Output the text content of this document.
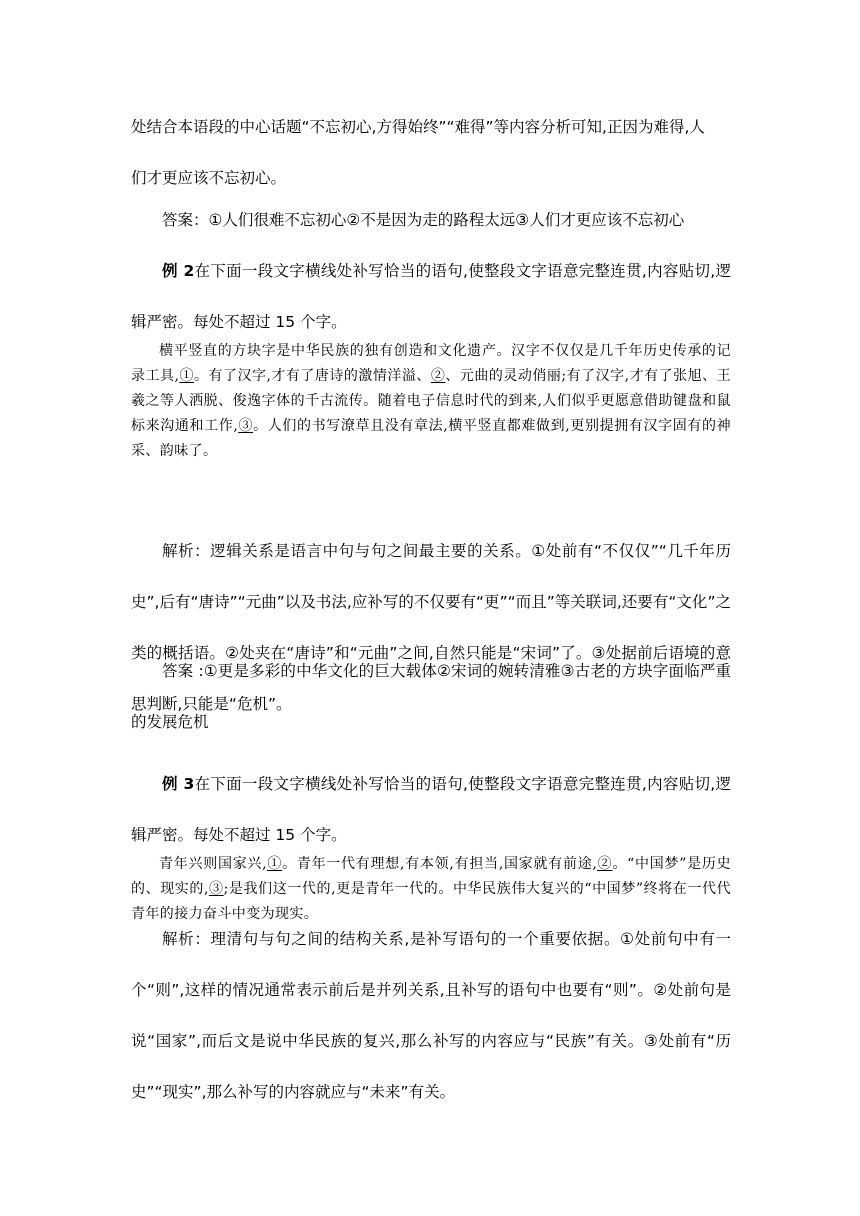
处结合本语段的中心话题“不忘初心,方得始终”“难得”等内容分析可知,正因为难得,人
们才更应该不忘初心。

答案：①人们很难不忘初心②不是因为走的路程太远③人们才更应该不忘初心

例 2在下面一段文字横线处补写恰当的语句,使整段文字语意完整连贯,内容贴切,逻辑严密。每处不超过 15 个字。

横平竖直的方块字是中华民族的独有创造和文化遗产。汉字不仅仅是几千年历史传承的记录工具,①。有了汉字,才有了唐诗的激情洋溢、②、元曲的灵动俏丽;有了汉字,才有了张旭、王羲之等人洒脱、俊逸字体的千古流传。随着电子信息时代的到来,人们似乎更愿意借助键盘和鼠标来沟通和工作,③。人们的书写潦草且没有章法,横平竖直都难做到,更别提拥有汉字固有的神采、韵味了。

解析：逻辑关系是语言中句与句之间最主要的关系。①处前有“不仅仅”“几千年历史”,后有“唐诗”“元曲”以及书法,应补写的不仅要有“更”“而且”等关联词,还要有“文化”之类的概括语。②处夹在“唐诗”和“元曲”之间,自然只能是“宋词”了。③处据前后语境的意思判断,只能是“危机”。

答案 :①更是多彩的中华文化的巨大载体②宋词的婉转清雅③古老的方块字面临严重的发展危机

例 3在下面一段文字横线处补写恰当的语句,使整段文字语意完整连贯,内容贴切,逻辑严密。每处不超过 15 个字。

青年兴则国家兴,①。青年一代有理想,有本领,有担当,国家就有前途,②。“中国梦”是历史的、现实的,③;是我们这一代的,更是青年一代的。中华民族伟大复兴的“中国梦”终将在一代代青年的接力奋斗中变为现实。

解析：理清句与句之间的结构关系,是补写语句的一个重要依据。①处前句中有一个“则”,这样的情况通常表示前后是并列关系,且补写的语句中也要有“则”。②处前句是说“国家”,而后文是说中华民族的复兴,那么补写的内容应与“民族”有关。③处前有“历史”“现实”,那么补写的内容就应与“未来”有关。
